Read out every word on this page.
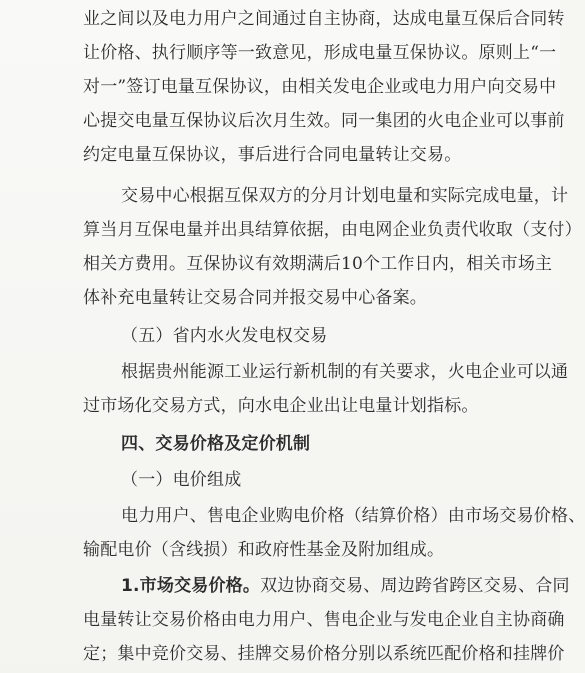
业之间以及电力用户之间通过自主协商，达成电量互保后合同转
让价格、执行顺序等一致意见，形成电量互保协议。原则上“一
对一”签订电量互保协议，由相关发电企业或电力用户向交易中
心提交电量互保协议后次月生效。同一集团的火电企业可以事前
约定电量互保协议，事后进行合同电量转让交易。
交易中心根据互保双方的分月计划电量和实际完成电量，计
算当月互保电量并出具结算依据，由电网企业负责代收取（支付）
相关方费用。互保协议有效期满后10个工作日内，相关市场主
体补充电量转让交易合同并报交易中心备案。
（五）省内水火发电权交易
根据贵州能源工业运行新机制的有关要求，火电企业可以通
过市场化交易方式，向水电企业出让电量计划指标。
四、交易价格及定价机制
（一）电价组成
电力用户、售电企业购电价格（结算价格）由市场交易价格、
输配电价（含线损）和政府性基金及附加组成。
1.市场交易价格。双边协商交易、周边跨省跨区交易、合同
电量转让交易价格由电力用户、售电企业与发电企业自主协商确
定；集中竞价交易、挂牌交易价格分别以系统匹配价格和挂牌价
